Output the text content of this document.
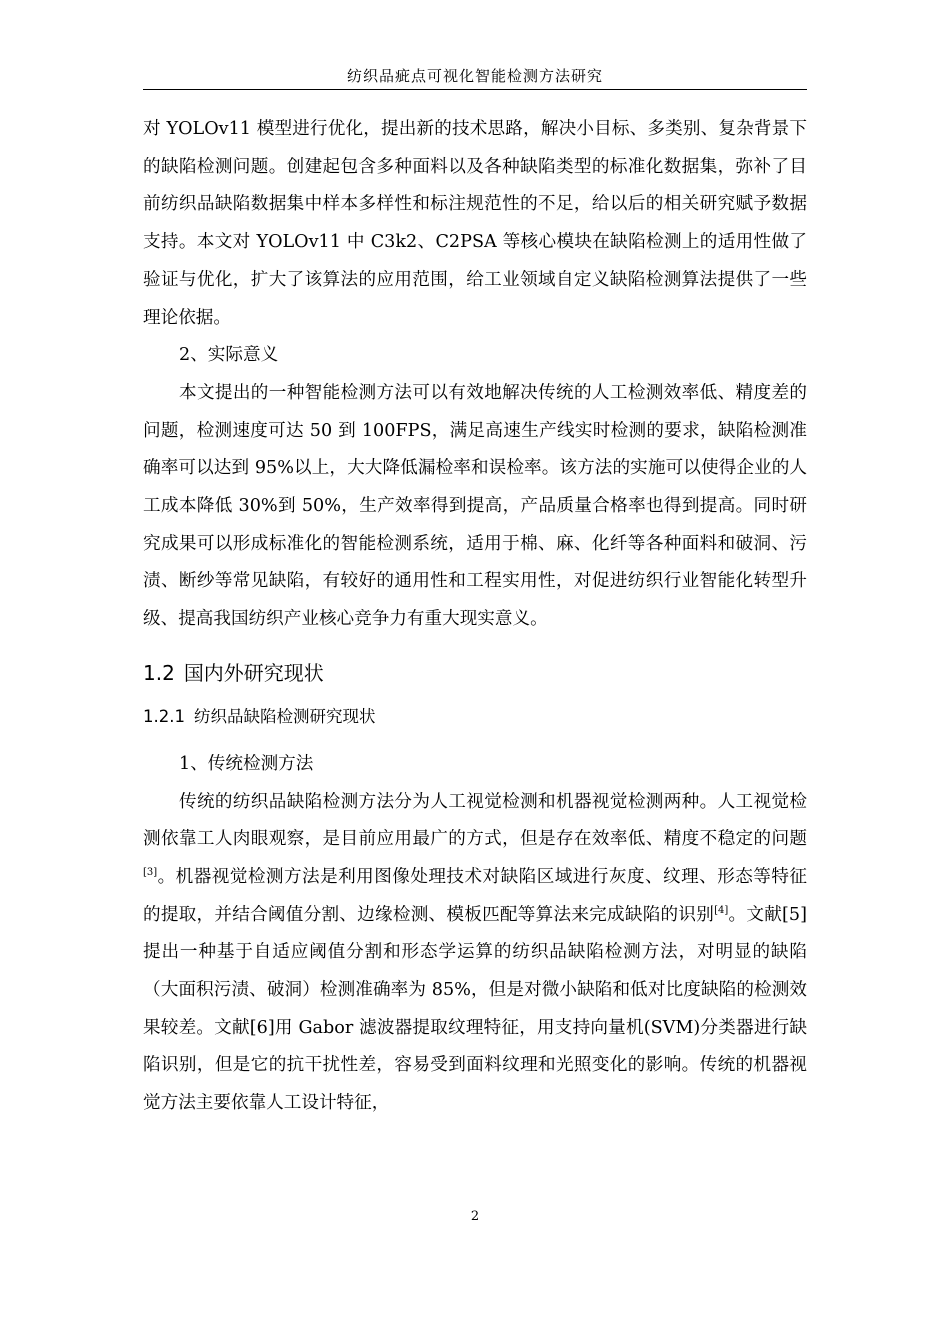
纺织品疵点可视化智能检测方法研究

对 YOLOv11 模型进行优化，提出新的技术思路，解决小目标、多类别、复杂背景下的缺陷检测问题。创建起包含多种面料以及各种缺陷类型的标准化数据集，弥补了目前纺织品缺陷数据集中样本多样性和标注规范性的不足，给以后的相关研究赋予数据支持。本文对 YOLOv11 中 C3k2、C2PSA 等核心模块在缺陷检测上的适用性做了验证与优化，扩大了该算法的应用范围，给工业领域自定义缺陷检测算法提供了一些理论依据。

2、实际意义

本文提出的一种智能检测方法可以有效地解决传统的人工检测效率低、精度差的问题，检测速度可达 50 到 100FPS，满足高速生产线实时检测的要求，缺陷检测准确率可以达到 95%以上，大大降低漏检率和误检率。该方法的实施可以使得企业的人工成本降低 30%到 50%，生产效率得到提高，产品质量合格率也得到提高。同时研究成果可以形成标准化的智能检测系统，适用于棉、麻、化纤等各种面料和破洞、污渍、断纱等常见缺陷，有较好的通用性和工程实用性，对促进纺织行业智能化转型升级、提高我国纺织产业核心竞争力有重大现实意义。

1.2 国内外研究现状
1.2.1 纺织品缺陷检测研究现状

1、传统检测方法

传统的纺织品缺陷检测方法分为人工视觉检测和机器视觉检测两种。人工视觉检测依靠工人肉眼观察，是目前应用最广的方式，但是存在效率低、精度不稳定的问题[3]。机器视觉检测方法是利用图像处理技术对缺陷区域进行灰度、纹理、形态等特征的提取，并结合阈值分割、边缘检测、模板匹配等算法来完成缺陷的识别[4]。文献[5]提出一种基于自适应阈值分割和形态学运算的纺织品缺陷检测方法，对明显的缺陷（大面积污渍、破洞）检测准确率为 85%，但是对微小缺陷和低对比度缺陷的检测效果较差。文献[6]用 Gabor 滤波器提取纹理特征，用支持向量机(SVM)分类器进行缺陷识别，但是它的抗干扰性差，容易受到面料纹理和光照变化的影响。传统的机器视觉方法主要依靠人工设计特征，

2
